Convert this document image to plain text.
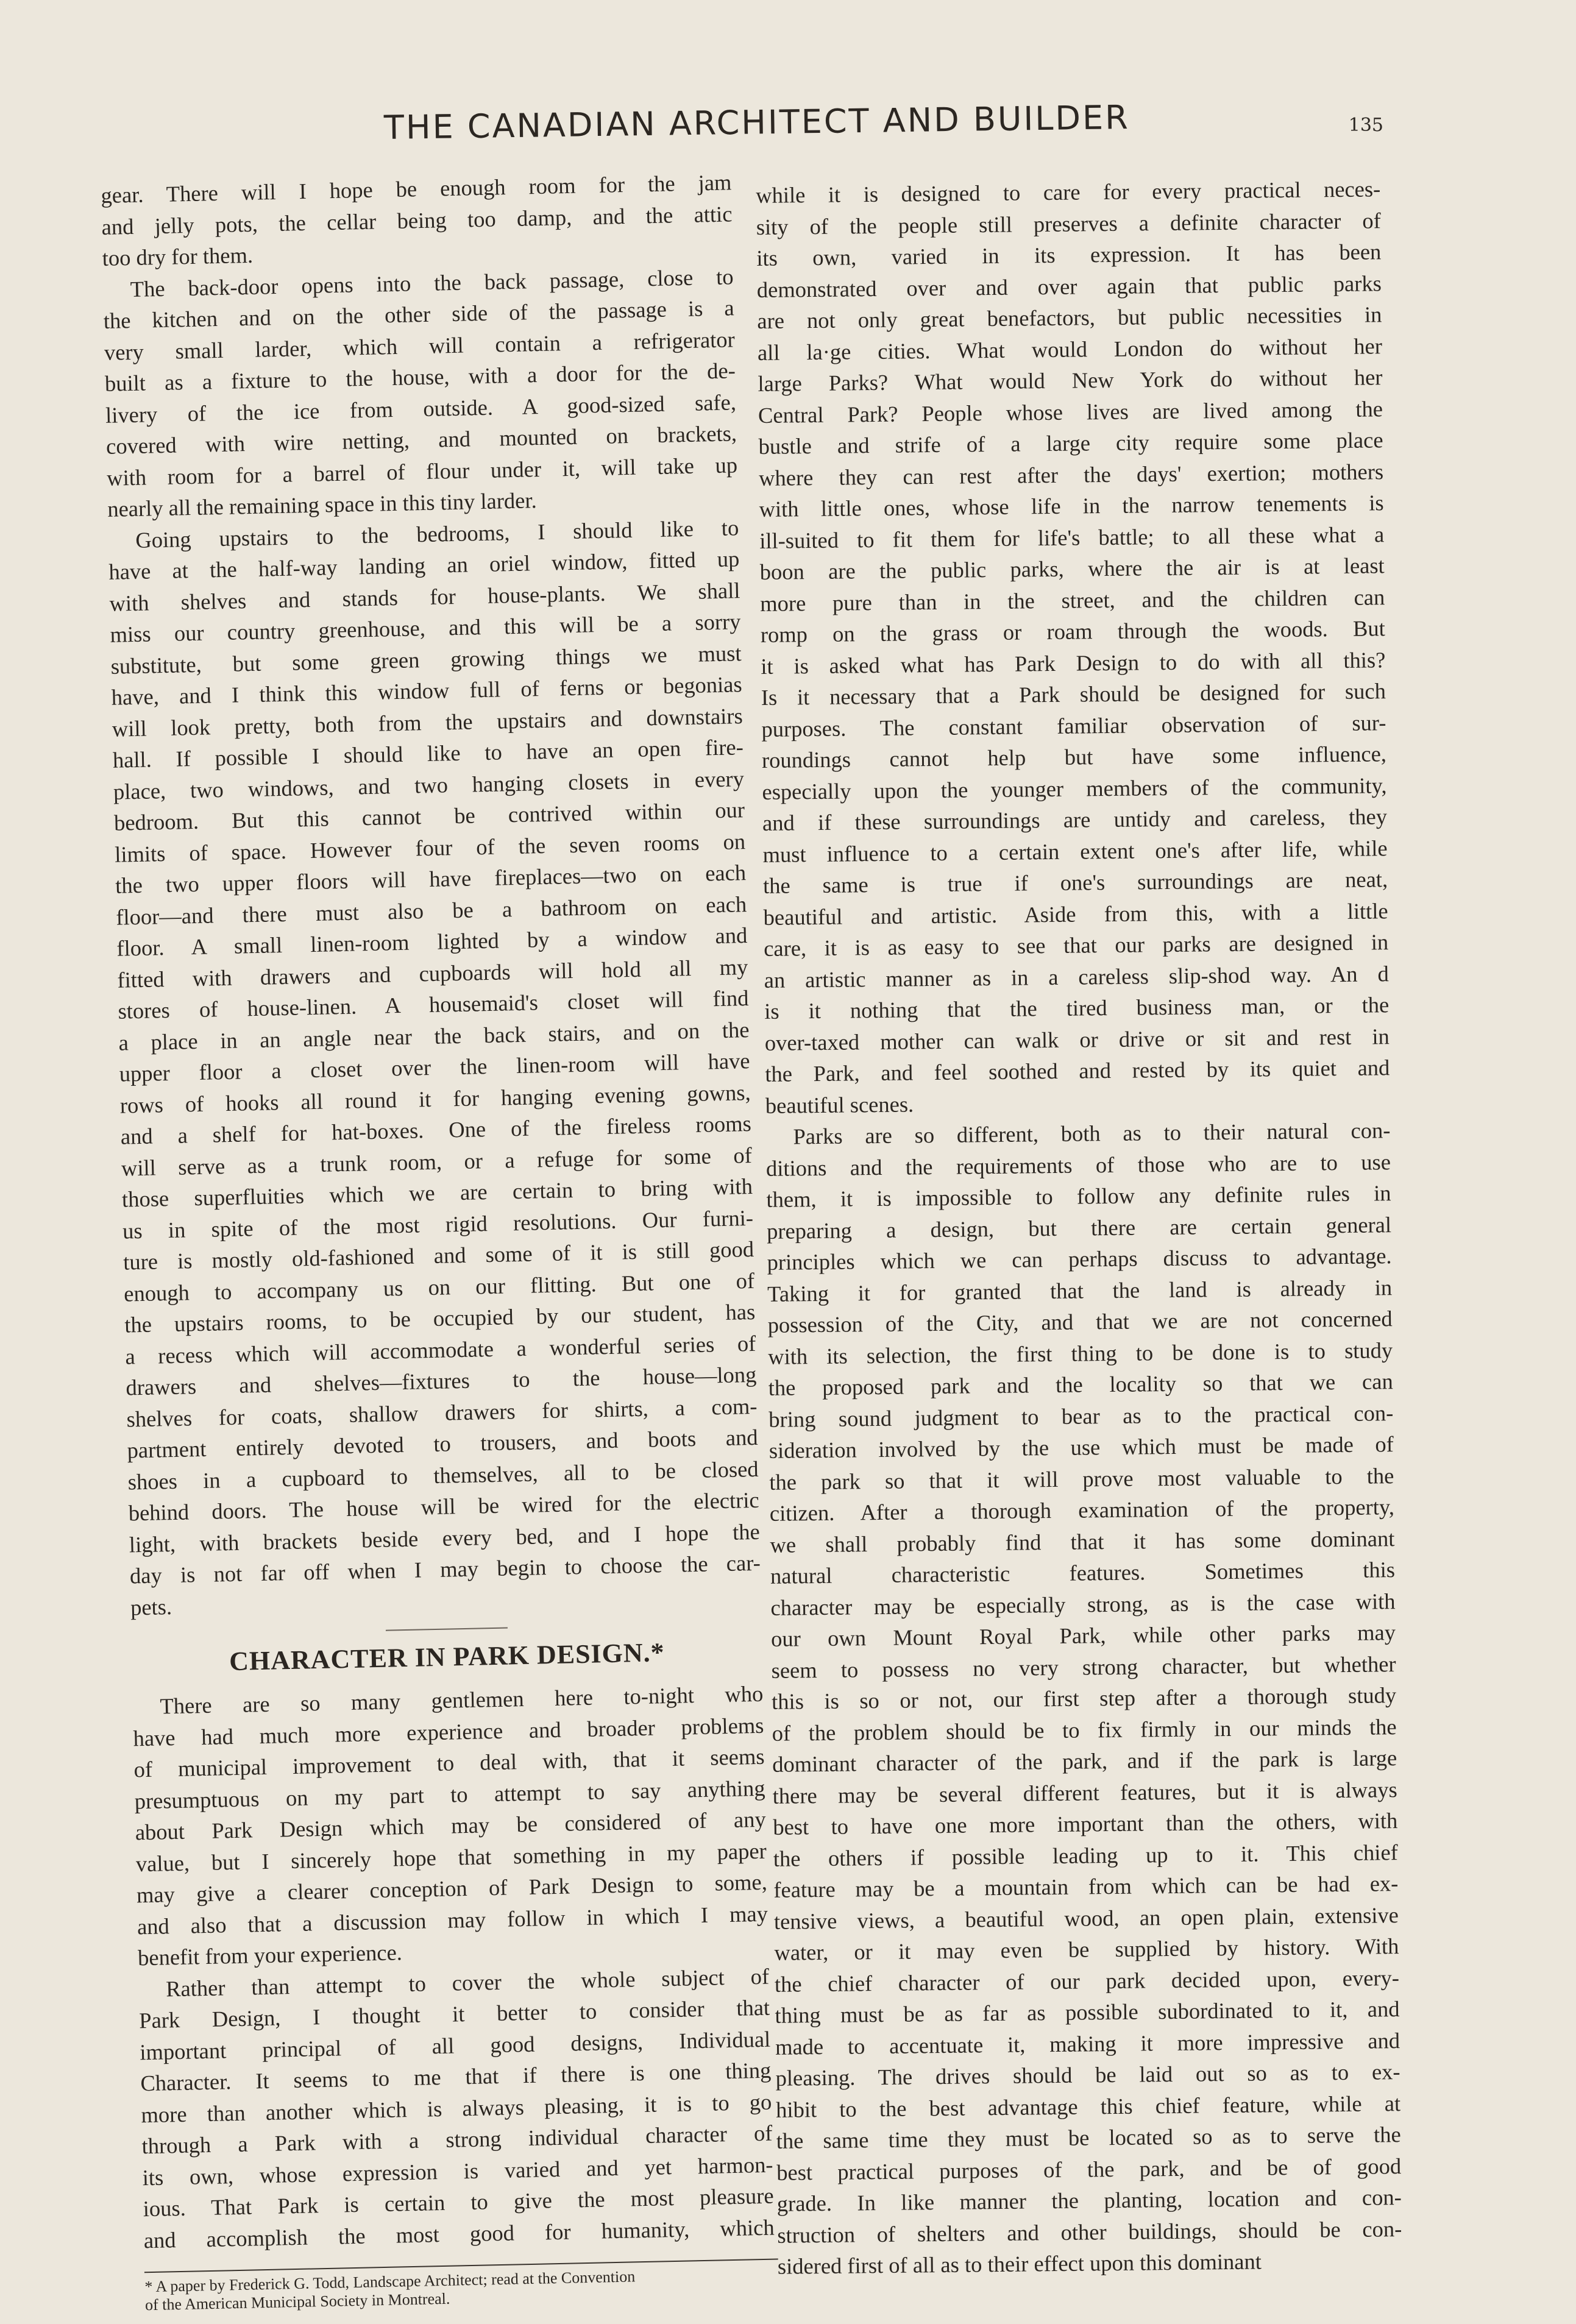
THE CANADIAN ARCHITECT AND BUILDER	135
gear. There will I hope be enough room for the jam
and jelly pots, the cellar being too damp, and the attic
too dry for them.
The back-door opens into the back passage, close to
the kitchen and on the other side of the passage is a
very small larder, which will contain a refrigerator
built as a fixture to the house, with a door for the de-
livery of the ice from outside. A good-sized safe,
covered with wire netting, and mounted on brackets,
with room for a barrel of flour under it, will take up
nearly all the remaining space in this tiny larder.
Going upstairs to the bedrooms, I should like to
have at the half-way landing an oriel window, fitted up
with shelves and stands for house-plants. We shall
miss our country greenhouse, and this will be a sorry
substitute, but some green growing things we must
have, and I think this window full of ferns or begonias
will look pretty, both from the upstairs and downstairs
hall. If possible I should like to have an open fire-
place, two windows, and two hanging closets in every
bedroom. But this cannot be contrived within our
limits of space. However four of the seven rooms on
the two upper floors will have fireplaces—two on each
floor—and there must also be a bathroom on each
floor. A small linen-room lighted by a window and
fitted with drawers and cupboards will hold all my
stores of house-linen. A housemaid's closet will find
a place in an angle near the back stairs, and on the
upper floor a closet over the linen-room will have
rows of hooks all round it for hanging evening gowns,
and a shelf for hat-boxes. One of the fireless rooms
will serve as a trunk room, or a refuge for some of
those superfluities which we are certain to bring with
us in spite of the most rigid resolutions. Our furni-
ture is mostly old-fashioned and some of it is still good
enough to accompany us on our flitting. But one of
the upstairs rooms, to be occupied by our student, has
a recess which will accommodate a wonderful series of
drawers and shelves—fixtures to the house—long
shelves for coats, shallow drawers for shirts, a com-
partment entirely devoted to trousers, and boots and
shoes in a cupboard to themselves, all to be closed
behind doors. The house will be wired for the electric
light, with brackets beside every bed, and I hope the
day is not far off when I may begin to choose the car-
pets.
CHARACTER IN PARK DESIGN.*
There are so many gentlemen here to-night who
have had much more experience and broader problems
of municipal improvement to deal with, that it seems
presumptuous on my part to attempt to say anything
about Park Design which may be considered of any
value, but I sincerely hope that something in my paper
may give a clearer conception of Park Design to some,
and also that a discussion may follow in which I may
benefit from your experience.
Rather than attempt to cover the whole subject of
Park Design, I thought it better to consider that
important principal of all good designs, Individual
Character. It seems to me that if there is one thing
more than another which is always pleasing, it is to go
through a Park with a strong individual character of
its own, whose expression is varied and yet harmon-
ious. That Park is certain to give the most pleasure
and accomplish the most good for humanity, which
* A paper by Frederick G. Todd, Landscape Architect; read at the Convention
of the American Municipal Society in Montreal.
while it is designed to care for every practical neces-
sity of the people still preserves a definite character of
its own, varied in its expression. It has been
demonstrated over and over again that public parks
are not only great benefactors, but public necessities in
all la·ge cities. What would London do without her
large Parks? What would New York do without her
Central Park? People whose lives are lived among the
bustle and strife of a large city require some place
where they can rest after the days' exertion; mothers
with little ones, whose life in the narrow tenements is
ill-suited to fit them for life's battle; to all these what a
boon are the public parks, where the air is at least
more pure than in the street, and the children can
romp on the grass or roam through the woods. But
it is asked what has Park Design to do with all this?
Is it necessary that a Park should be designed for such
purposes. The constant familiar observation of sur-
roundings cannot help but have some influence,
especially upon the younger members of the community,
and if these surroundings are untidy and careless, they
must influence to a certain extent one's after life, while
the same is true if one's surroundings are neat,
beautiful and artistic. Aside from this, with a little
care, it is as easy to see that our parks are designed in
an artistic manner as in a careless slip-shod way. An d
is it nothing that the tired business man, or the
over-taxed mother can walk or drive or sit and rest in
the Park, and feel soothed and rested by its quiet and
beautiful scenes.
Parks are so different, both as to their natural con-
ditions and the requirements of those who are to use
them, it is impossible to follow any definite rules in
preparing a design, but there are certain general
principles which we can perhaps discuss to advantage.
Taking it for granted that the land is already in
possession of the City, and that we are not concerned
with its selection, the first thing to be done is to study
the proposed park and the locality so that we can
bring sound judgment to bear as to the practical con-
sideration involved by the use which must be made of
the park so that it will prove most valuable to the
citizen. After a thorough examination of the property,
we shall probably find that it has some dominant
natural characteristic features. Sometimes this
character may be especially strong, as is the case with
our own Mount Royal Park, while other parks may
seem to possess no very strong character, but whether
this is so or not, our first step after a thorough study
of the problem should be to fix firmly in our minds the
dominant character of the park, and if the park is large
there may be several different features, but it is always
best to have one more important than the others, with
the others if possible leading up to it. This chief
feature may be a mountain from which can be had ex-
tensive views, a beautiful wood, an open plain, extensive
water, or it may even be supplied by history. With
the chief character of our park decided upon, every-
thing must be as far as possible subordinated to it, and
made to accentuate it, making it more impressive and
pleasing. The drives should be laid out so as to ex-
hibit to the best advantage this chief feature, while at
the same time they must be located so as to serve the
best practical purposes of the park, and be of good
grade. In like manner the planting, location and con-
struction of shelters and other buildings, should be con-
sidered first of all as to their effect upon this dominant
